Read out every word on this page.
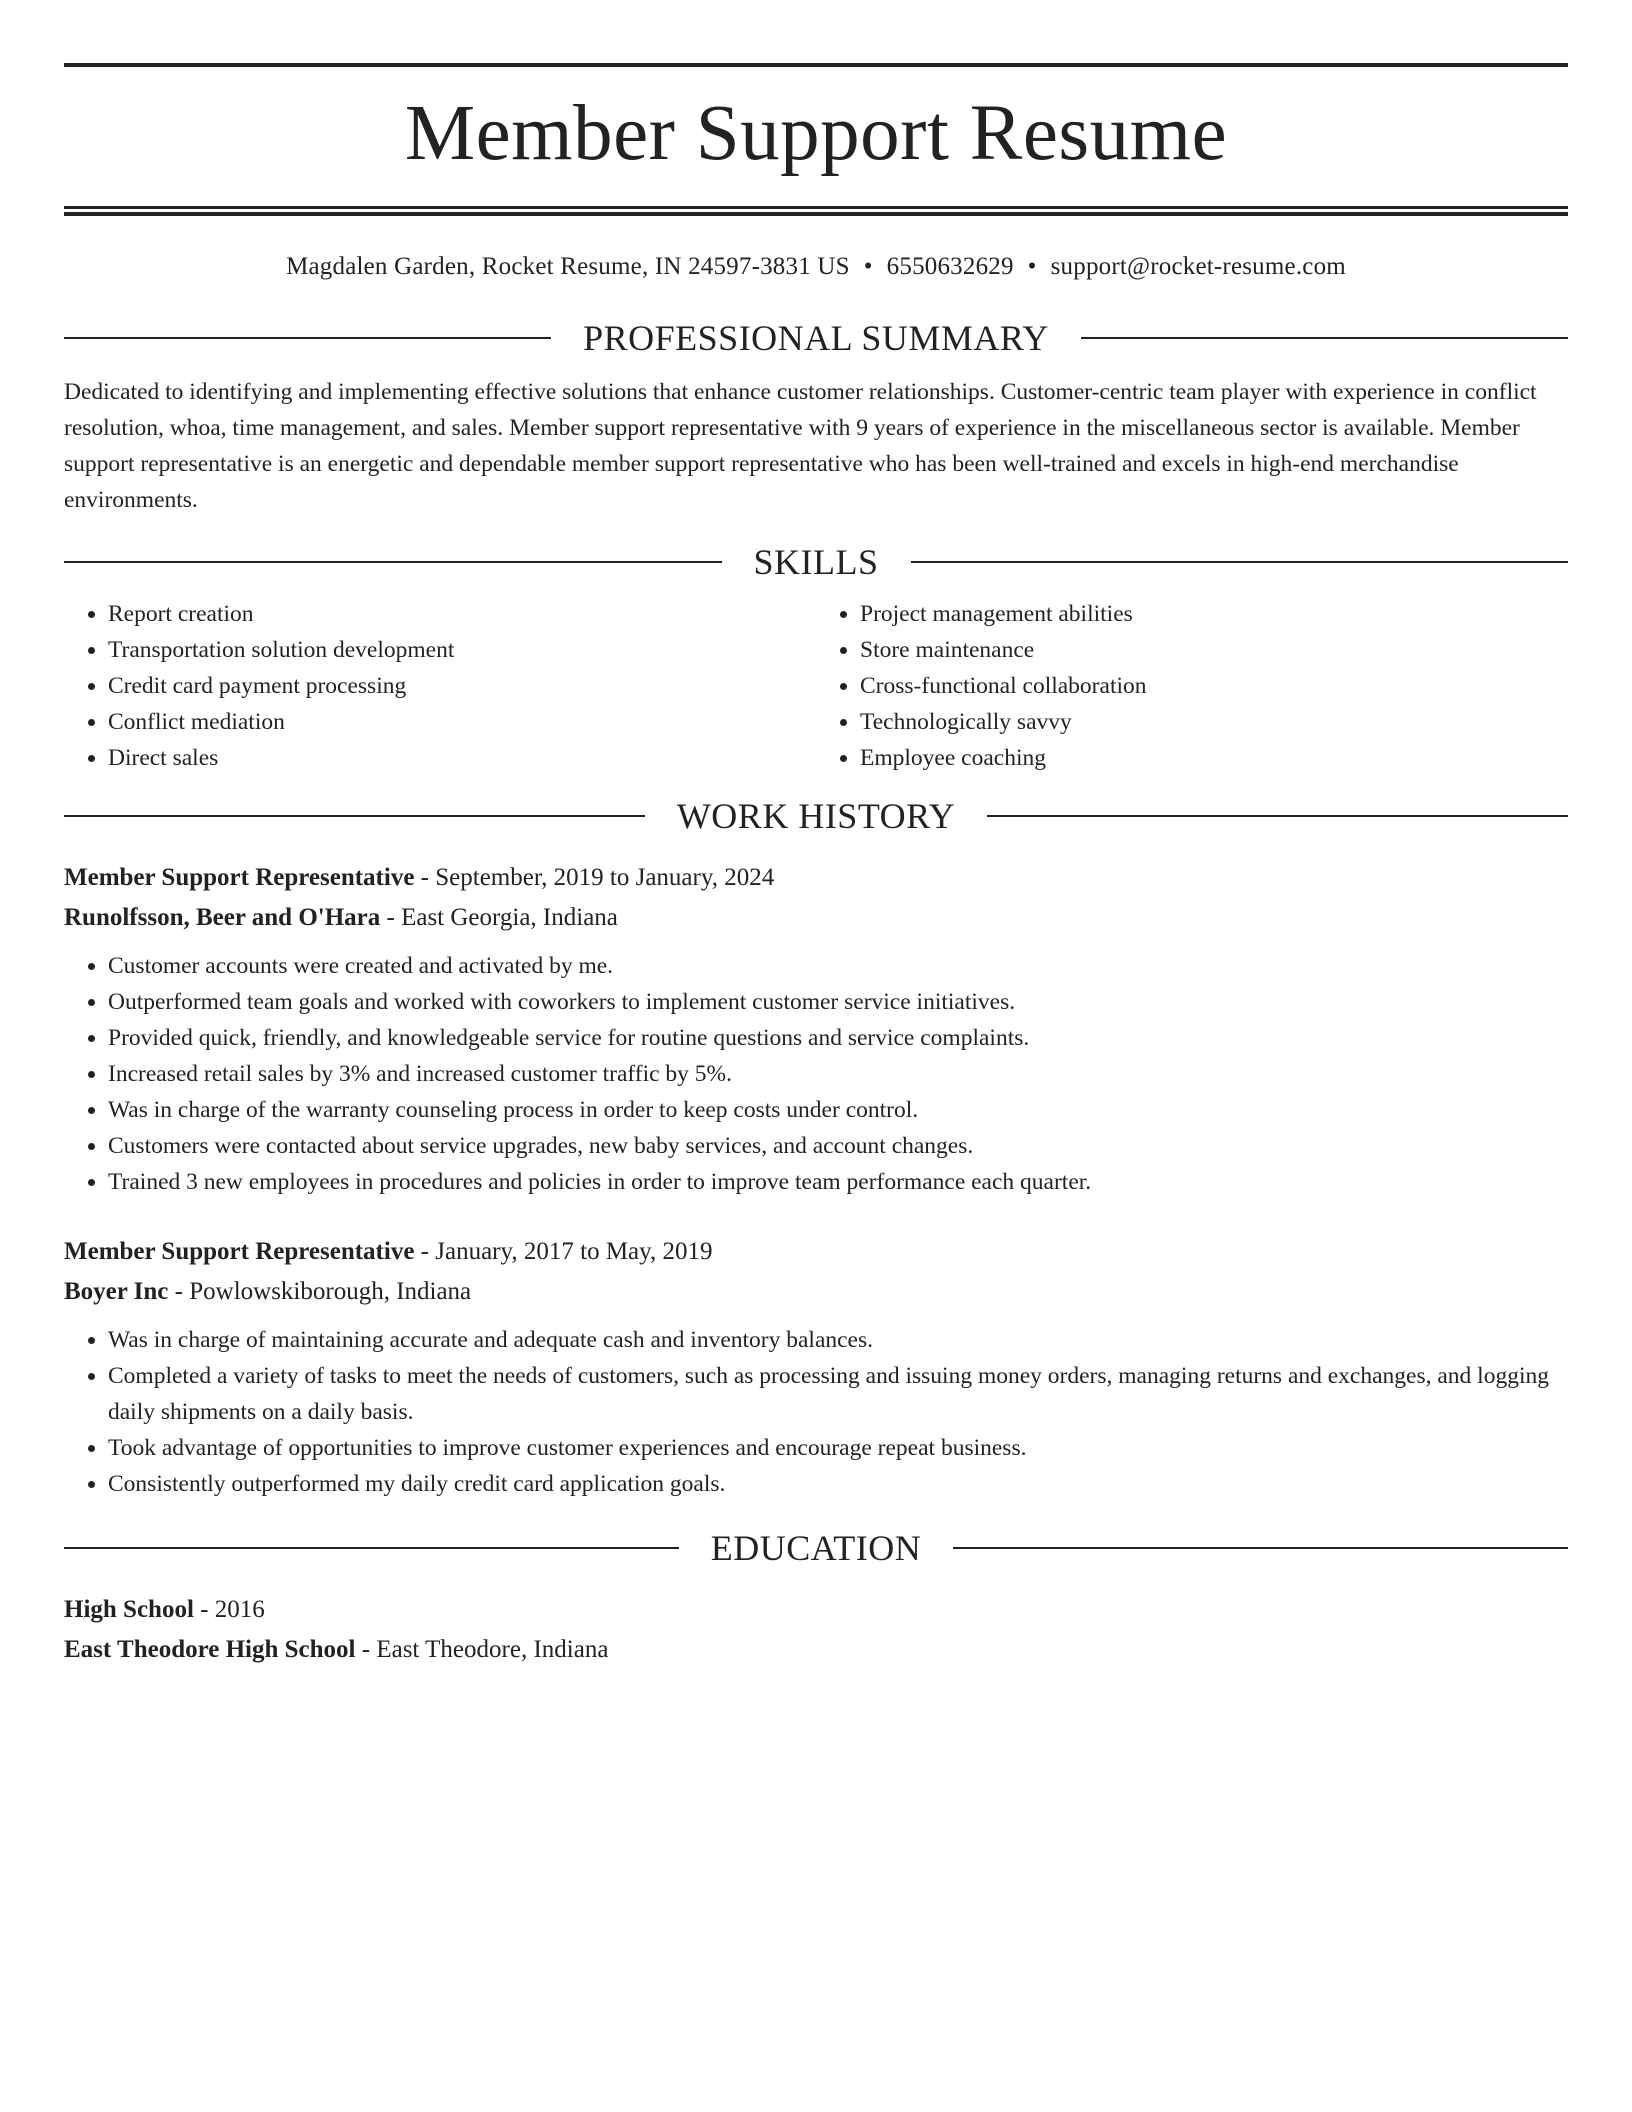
Member Support Resume
Magdalen Garden, Rocket Resume, IN 24597-3831 US • 6550632629 • support@rocket-resume.com
PROFESSIONAL SUMMARY

Dedicated to identifying and implementing effective solutions that enhance customer relationships. Customer-centric team player with experience in conflict resolution, whoa, time management, and sales. Member support representative with 9 years of experience in the miscellaneous sector is available. Member support representative is an energetic and dependable member support representative who has been well-trained and excels in high-end merchandise environments.

SKILLS
• Report creation
• Transportation solution development
• Credit card payment processing
• Conflict mediation
• Direct sales
• Project management abilities
• Store maintenance
• Cross-functional collaboration
• Technologically savvy
• Employee coaching
WORK HISTORY
Member Support Representative - September, 2019 to January, 2024
Runolfsson, Beer and O'Hara - East Georgia, Indiana
• Customer accounts were created and activated by me.
• Outperformed team goals and worked with coworkers to implement customer service initiatives.
• Provided quick, friendly, and knowledgeable service for routine questions and service complaints.
• Increased retail sales by 3% and increased customer traffic by 5%.
• Was in charge of the warranty counseling process in order to keep costs under control.
• Customers were contacted about service upgrades, new baby services, and account changes.
• Trained 3 new employees in procedures and policies in order to improve team performance each quarter.
Member Support Representative - January, 2017 to May, 2019
Boyer Inc - Powlowskiborough, Indiana
• Was in charge of maintaining accurate and adequate cash and inventory balances.
• Completed a variety of tasks to meet the needs of customers, such as processing and issuing money orders, managing returns and exchanges, and logging daily shipments on a daily basis.
• Took advantage of opportunities to improve customer experiences and encourage repeat business.
• Consistently outperformed my daily credit card application goals.
EDUCATION
High School - 2016
East Theodore High School - East Theodore, Indiana
